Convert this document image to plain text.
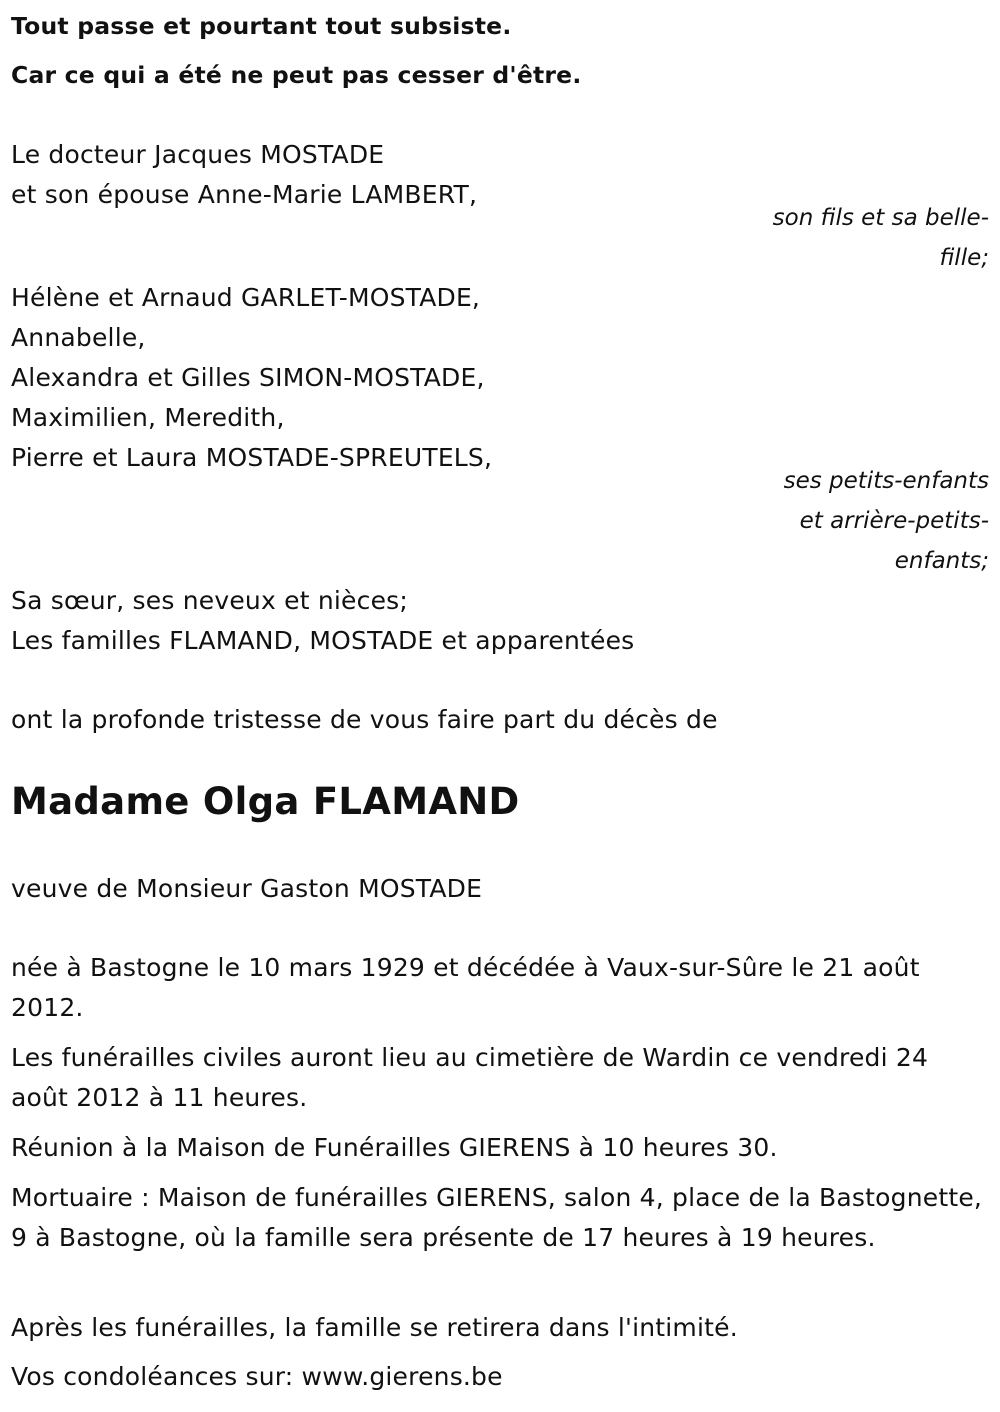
Tout passe et pourtant tout subsiste.
Car ce qui a été ne peut pas cesser d'être.
Le docteur Jacques MOSTADE
et son épouse Anne-Marie LAMBERT,
son fils et sa belle-
fille;
Hélène et Arnaud GARLET-MOSTADE,
Annabelle,
Alexandra et Gilles SIMON-MOSTADE,
Maximilien, Meredith,
Pierre et Laura MOSTADE-SPREUTELS,
ses petits-enfants
et arrière-petits-
enfants;
Sa sœur, ses neveux et nièces;
Les familles FLAMAND, MOSTADE et apparentées
ont la profonde tristesse de vous faire part du décès de
Madame Olga FLAMAND
veuve de Monsieur Gaston MOSTADE
née à Bastogne le 10 mars 1929 et décédée à Vaux-sur-Sûre le 21 août 2012.
Les funérailles civiles auront lieu au cimetière de Wardin ce vendredi 24 août 2012 à 11 heures.
Réunion à la Maison de Funérailles GIERENS à 10 heures 30.
Mortuaire : Maison de funérailles GIERENS, salon 4, place de la Bastognette, 9 à Bastogne, où la famille sera présente de 17 heures à 19 heures.
Après les funérailles, la famille se retirera dans l'intimité.
Vos condoléances sur: www.gierens.be
